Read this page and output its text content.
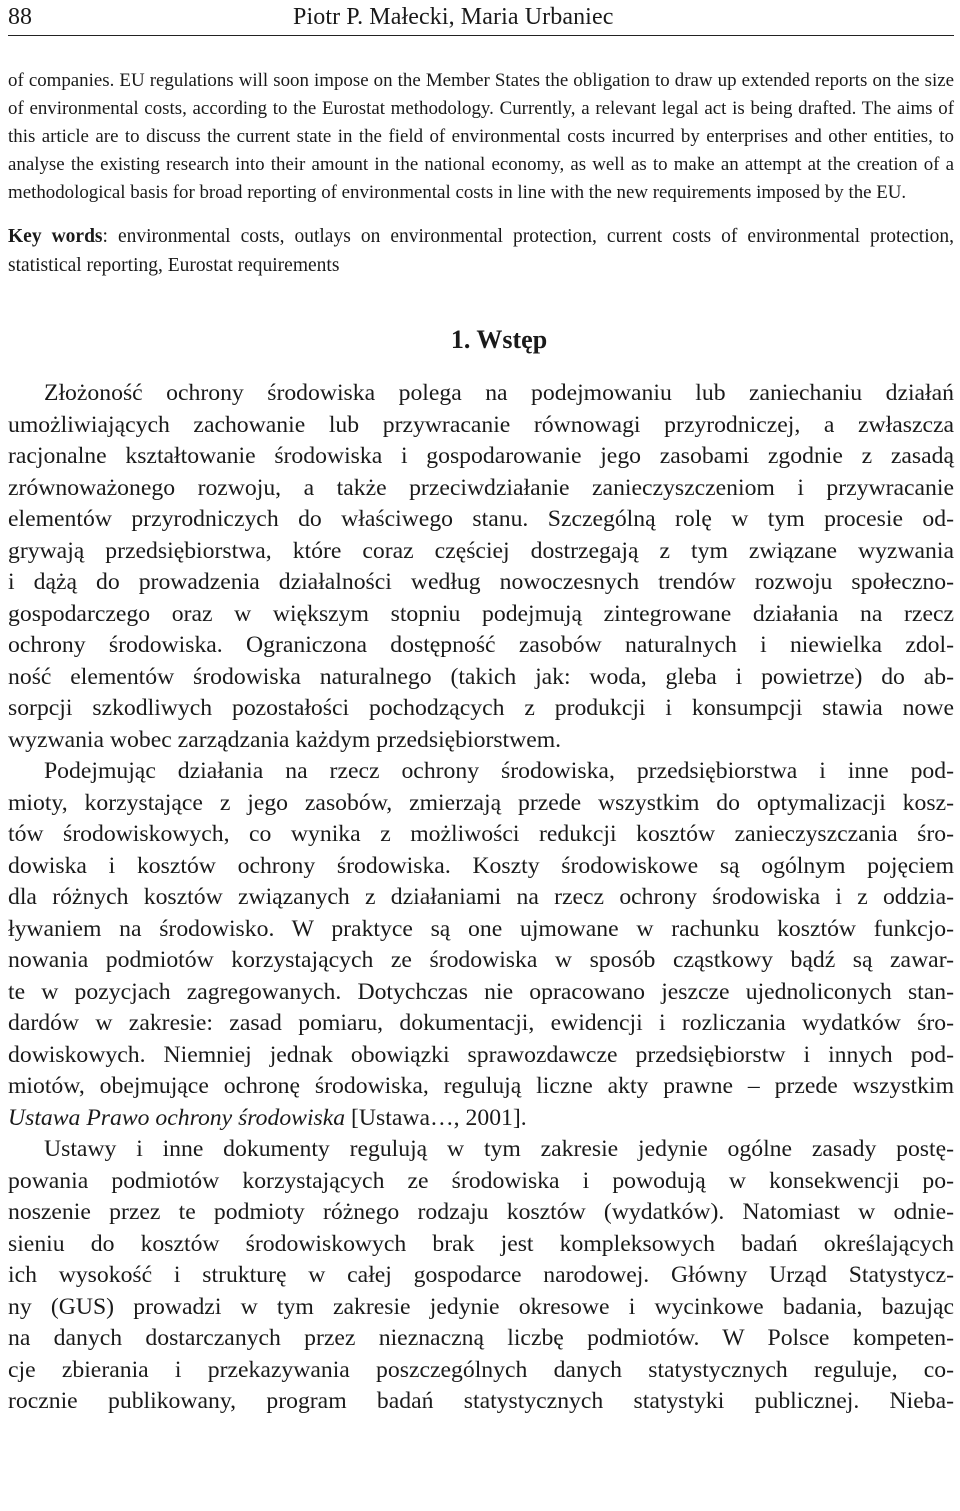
88	Piotr P. Małecki, Maria Urbaniec

of companies. EU regulations will soon impose on the Member States the obligation to draw up extended reports on the size of environmental costs, according to the Eurostat methodology. Currently, a relevant legal act is being drafted. The aims of this article are to discuss the current state in the field of environmental costs incurred by enterprises and other entities, to analyse the existing research into their amount in the national economy, as well as to make an attempt at the creation of a methodological basis for broad reporting of environmental costs in line with the new requirements imposed by the EU.

Key words: environmental costs, outlays on environmental protection, current costs of environmental protection, statistical reporting, Eurostat requirements
1. Wstęp
Złożoność ochrony środowiska polega na podejmowaniu lub zaniechaniu działań
umożliwiających zachowanie lub przywracanie równowagi przyrodniczej, a zwłaszcza
racjonalne kształtowanie środowiska i gospodarowanie jego zasobami zgodnie z zasadą
zrównoważonego rozwoju, a także przeciwdziałanie zanieczyszczeniom i przywracanie
elementów przyrodniczych do właściwego stanu. Szczególną rolę w tym procesie od-
grywają przedsiębiorstwa, które coraz częściej dostrzegają z tym związane wyzwania
i dążą do prowadzenia działalności według nowoczesnych trendów rozwoju społeczno-
gospodarczego oraz w większym stopniu podejmują zintegrowane działania na rzecz
ochrony środowiska. Ograniczona dostępność zasobów naturalnych i niewielka zdol-
ność elementów środowiska naturalnego (takich jak: woda, gleba i powietrze) do ab-
sorpcji szkodliwych pozostałości pochodzących z produkcji i konsumpcji stawia nowe
wyzwania wobec zarządzania każdym przedsiębiorstwem.
Podejmując działania na rzecz ochrony środowiska, przedsiębiorstwa i inne pod-
mioty, korzystające z jego zasobów, zmierzają przede wszystkim do optymalizacji kosz-
tów środowiskowych, co wynika z możliwości redukcji kosztów zanieczyszczania śro-
dowiska i kosztów ochrony środowiska. Koszty środowiskowe są ogólnym pojęciem
dla różnych kosztów związanych z działaniami na rzecz ochrony środowiska i z oddzia-
ływaniem na środowisko. W praktyce są one ujmowane w rachunku kosztów funkcjo-
nowania podmiotów korzystających ze środowiska w sposób cząstkowy bądź są zawar-
te w pozycjach zagregowanych. Dotychczas nie opracowano jeszcze ujednoliconych stan-
dardów w zakresie: zasad pomiaru, dokumentacji, ewidencji i rozliczania wydatków śro-
dowiskowych. Niemniej jednak obowiązki sprawozdawcze przedsiębiorstw i innych pod-
miotów, obejmujące ochronę środowiska, regulują liczne akty prawne – przede wszystkim
Ustawa Prawo ochrony środowiska [Ustawa…, 2001].
Ustawy i inne dokumenty regulują w tym zakresie jedynie ogólne zasady postę-
powania podmiotów korzystających ze środowiska i powodują w konsekwencji po-
noszenie przez te podmioty różnego rodzaju kosztów (wydatków). Natomiast w odnie-
sieniu do kosztów środowiskowych brak jest kompleksowych badań określających
ich wysokość i strukturę w całej gospodarce narodowej. Główny Urząd Statystycz-
ny (GUS) prowadzi w tym zakresie jedynie okresowe i wycinkowe badania, bazując
na danych dostarczanych przez nieznaczną liczbę podmiotów. W Polsce kompeten-
cje zbierania i przekazywania poszczególnych danych statystycznych reguluje, co-
rocznie publikowany, program badań statystycznych statystyki publicznej. Nieba-
